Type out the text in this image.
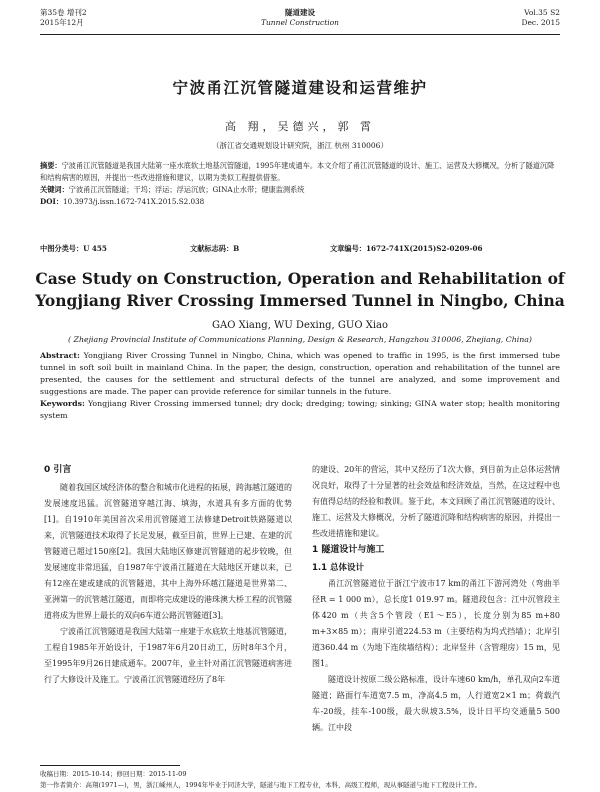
第35卷 增刊2
2015年12月
隧道建设
Tunnel Construction
Vol.35 S2
Dec. 2015
宁波甬江沉管隧道建设和运营维护
高 翔，吴德兴，郭 霄
（浙江省交通规划设计研究院，浙江 杭州 310006）
摘要：宁波甬江沉管隧道是我国大陆第一座水底软土地基沉管隧道，1995年建成通车。本文介绍了甬江沉管隧道的设计、施工、运营及大修概况，分析了隧道沉降和结构病害的原因，并提出一些改进措施和建议，以期为类似工程提供借鉴。
关键词：宁波甬江沉管隧道；干坞；浮运；浮运沉放；GINA止水带；健康监测系统
DOI：10.3973/j.issn.1672-741X.2015.S2.038
中图分类号：U 455	文献标志码：B	文章编号：1672-741X(2015)S2-0209-06
Case Study on Construction, Operation and Rehabilitation of Yongjiang River Crossing Immersed Tunnel in Ningbo, China
GAO Xiang, WU Dexing, GUO Xiao
( Zhejiang Provincial Institute of Communications Planning, Design & Research, Hangzhou 310006, Zhejiang, China)
Abstract: Yongjiang River Crossing Tunnel in Ningbo, China, which was opened to traffic in 1995, is the first immersed tube tunnel in soft soil built in mainland China. In the paper, the design, construction, operation and rehabilitation of the tunnel are presented, the causes for the settlement and structural defects of the tunnel are analyzed, and some improvement and suggestions are made. The paper can provide reference for similar tunnels in the future.
Keywords: Yongjiang River Crossing immersed tunnel; dry dock; dredging; towing; sinking; GINA water stop; health monitoring system

0 引言

随着我国区域经济体的整合和城市化进程的拓展，跨海越江隧道的发展速度迅猛。沉管隧道穿越江海、填海，水道具有多方面的优势[1]。自1910年美国首次采用沉管隧道工法修建Detroit铁路隧道以来，沉管隧道技术取得了长足发展，截至目前，世界上已建、在建的沉管隧道已超过150座[2]。我国大陆地区修建沉管隧道的起步较晚，但发展速度非常迅猛，自1987年宁波甬江隧道在大陆地区开建以来，已有12座在建或建成的沉管隧道，其中上海外环越江隧道是世界第二、亚洲第一的沉管越江隧道，而即将完成建设的港珠澳大桥工程的沉管隧道将成为世界上最长的双向6车道公路沉管隧道[3]。

宁波甬江沉管隧道是我国大陆第一座建于水底软土地基沉管隧道，工程自1985年开始设计，于1987年6月20日动工，历时8年3个月，至1995年9月26日建成通车。2007年，业主针对甬江沉管隧道病害进行了大修设计及施工。宁波甬江沉管隧道经历了8年

的建设、20年的营运，其中又经历了1次大修，到目前为止总体运营情况良好，取得了十分显著的社会效益和经济效益，当然，在这过程中也有值得总结的经验和教训。鉴于此，本文回顾了甬江沉管隧道的设计、施工、运营及大修概况，分析了隧道沉降和结构病害的原因，并提出一些改进措施和建议。

1 隧道设计与施工

1.1 总体设计

甬江沉管隧道位于浙江宁波市17 km的甬江下游河湾处（弯曲半径R = 1 000 m），总长度1 019.97 m。隧道段包含：江中沉管段主体420 m（共含5个管段（E1～E5），长度分别为85 m+80 m+3×85 m）；南岸引道224.53 m（主要结构为坞式挡墙）；北岸引道360.44 m（为地下连续墙结构）；北岸竖井（含管理房）15 m，见图1。

隧道设计按原二级公路标准，设计车速60 km/h，单孔双向2车道隧道；路面行车道宽7.5 m，净高4.5 m，人行道宽2×1 m；荷载汽车-20级，挂车-100级，最大纵坡3.5%，设计日平均交通量5 500辆。江中段

收稿日期：2015-10-14；修回日期：2015-11-09
第一作者简介：高翔(1971—)，男，浙江嵊州人，1994年毕业于同济大学，隧道与地下工程专业，本科，高级工程师，现从事隧道与地下工程设计工作。
